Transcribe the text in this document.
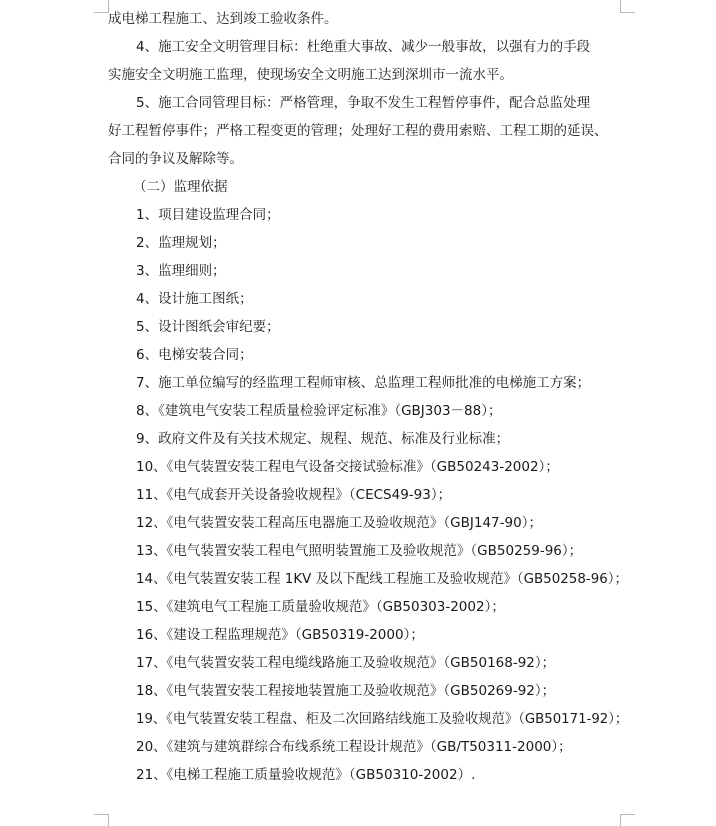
成电梯工程施工、达到竣工验收条件。
4、施工安全文明管理目标：杜绝重大事故、减少一般事故，以强有力的手段
实施安全文明施工监理，使现场安全文明施工达到深圳市一流水平。
5、施工合同管理目标：严格管理，争取不发生工程暂停事件，配合总监处理
好工程暂停事件；严格工程变更的管理；处理好工程的费用索赔、工程工期的延误、
合同的争议及解除等。
（二）监理依据
1、项目建设监理合同；
2、监理规划；
3、监理细则；
4、设计施工图纸；
5、设计图纸会审纪要；
6、电梯安装合同；
7、施工单位编写的经监理工程师审核、总监理工程师批准的电梯施工方案；
8、《建筑电气安装工程质量检验评定标准》（GBJ303－88）；
9、政府文件及有关技术规定、规程、规范、标准及行业标准；
10、《电气装置安装工程电气设备交接试验标准》（GB50243-2002）；
11、《电气成套开关设备验收规程》（CECS49-93）；
12、《电气装置安装工程高压电器施工及验收规范》（GBJ147-90）；
13、《电气装置安装工程电气照明装置施工及验收规范》（GB50259-96）；
14、《电气装置安装工程 1KV 及以下配线工程施工及验收规范》（GB50258-96）；
15、《建筑电气工程施工质量验收规范》（GB50303-2002）；
16、《建设工程监理规范》（GB50319-2000）；
17、《电气装置安装工程电缆线路施工及验收规范》（GB50168-92）；
18、《电气装置安装工程接地装置施工及验收规范》（GB50269-92）；
19、《电气装置安装工程盘、柜及二次回路结线施工及验收规范》（GB50171-92）；
20、《建筑与建筑群综合布线系统工程设计规范》（GB/T50311-2000）；
21、《电梯工程施工质量验收规范》（GB50310-2002）.
